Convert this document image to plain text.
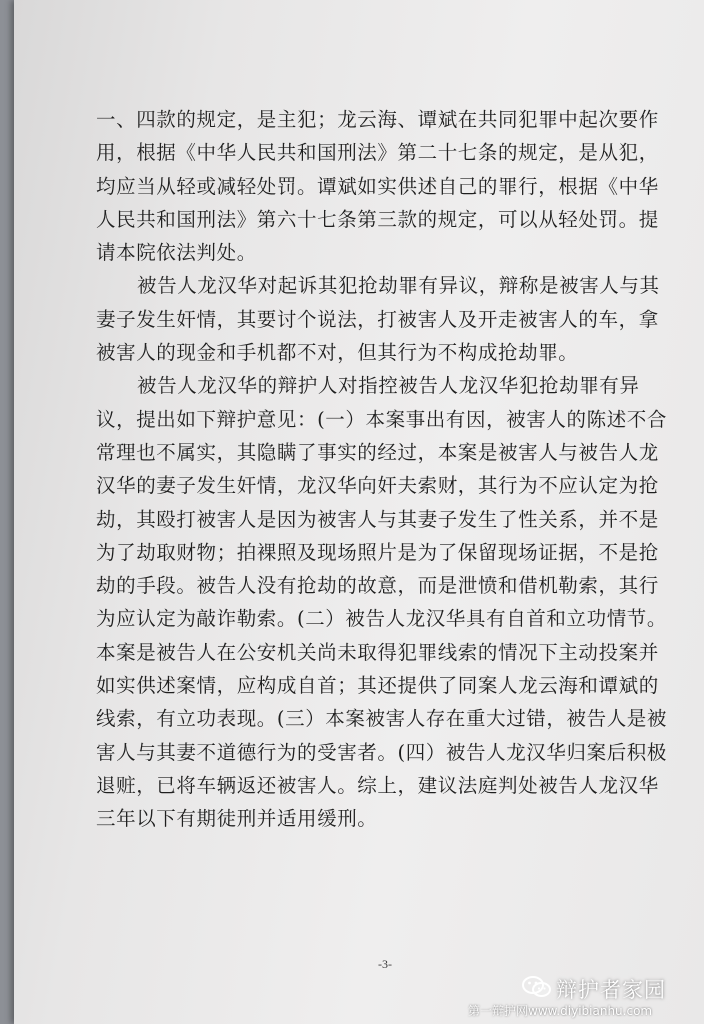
一、四款的规定，是主犯；龙云海、谭斌在共同犯罪中起次要作
用，根据《中华人民共和国刑法》第二十七条的规定，是从犯，
均应当从轻或减轻处罚。谭斌如实供述自己的罪行，根据《中华
人民共和国刑法》第六十七条第三款的规定，可以从轻处罚。提
请本院依法判处。
被告人龙汉华对起诉其犯抢劫罪有异议，辩称是被害人与其
妻子发生奸情，其要讨个说法，打被害人及开走被害人的车，拿
被害人的现金和手机都不对，但其行为不构成抢劫罪。
被告人龙汉华的辩护人对指控被告人龙汉华犯抢劫罪有异
议，提出如下辩护意见：(一）本案事出有因，被害人的陈述不合
常理也不属实，其隐瞒了事实的经过，本案是被害人与被告人龙
汉华的妻子发生奸情，龙汉华向奸夫索财，其行为不应认定为抢
劫，其殴打被害人是因为被害人与其妻子发生了性关系，并不是
为了劫取财物；拍裸照及现场照片是为了保留现场证据，不是抢
劫的手段。被告人没有抢劫的故意，而是泄愤和借机勒索，其行
为应认定为敲诈勒索。(二）被告人龙汉华具有自首和立功情节。
本案是被告人在公安机关尚未取得犯罪线索的情况下主动投案并
如实供述案情，应构成自首；其还提供了同案人龙云海和谭斌的
线索，有立功表现。(三）本案被害人存在重大过错，被告人是被
害人与其妻不道德行为的受害者。(四）被告人龙汉华归案后积极
退赃，已将车辆返还被害人。综上，建议法庭判处被告人龙汉华
三年以下有期徒刑并适用缓刑。
-3-
辩护者家园
第一辩护网www.diyibianhu.com
